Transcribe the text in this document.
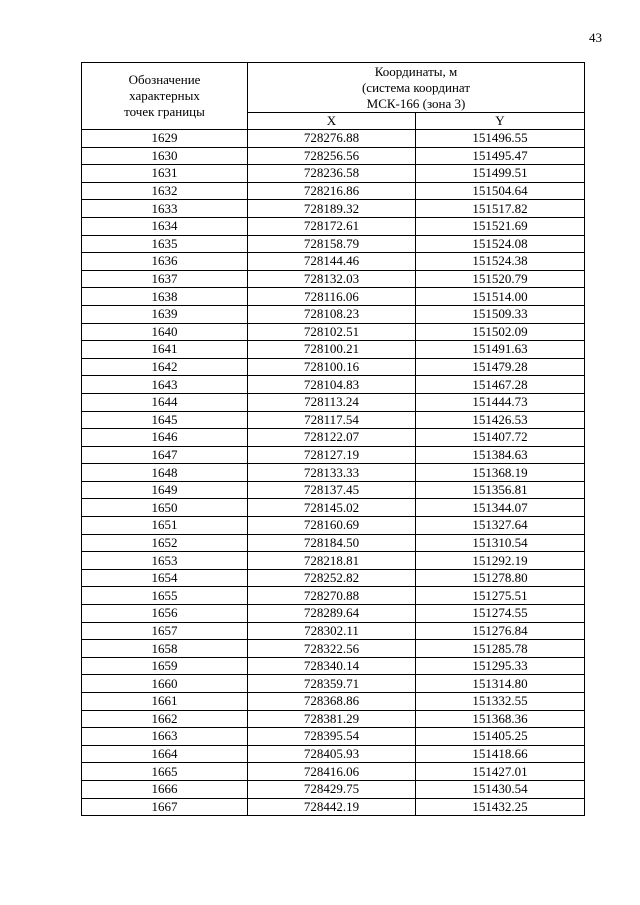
43
Обозначение
характерных
точек границы	Координаты, м
(система координат
МСК-166 (зона 3)	
	X	Y
1629	728276.88	151496.55
1630	728256.56	151495.47
1631	728236.58	151499.51
1632	728216.86	151504.64
1633	728189.32	151517.82
1634	728172.61	151521.69
1635	728158.79	151524.08
1636	728144.46	151524.38
1637	728132.03	151520.79
1638	728116.06	151514.00
1639	728108.23	151509.33
1640	728102.51	151502.09
1641	728100.21	151491.63
1642	728100.16	151479.28
1643	728104.83	151467.28
1644	728113.24	151444.73
1645	728117.54	151426.53
1646	728122.07	151407.72
1647	728127.19	151384.63
1648	728133.33	151368.19
1649	728137.45	151356.81
1650	728145.02	151344.07
1651	728160.69	151327.64
1652	728184.50	151310.54
1653	728218.81	151292.19
1654	728252.82	151278.80
1655	728270.88	151275.51
1656	728289.64	151274.55
1657	728302.11	151276.84
1658	728322.56	151285.78
1659	728340.14	151295.33
1660	728359.71	151314.80
1661	728368.86	151332.55
1662	728381.29	151368.36
1663	728395.54	151405.25
1664	728405.93	151418.66
1665	728416.06	151427.01
1666	728429.75	151430.54
1667	728442.19	151432.25
